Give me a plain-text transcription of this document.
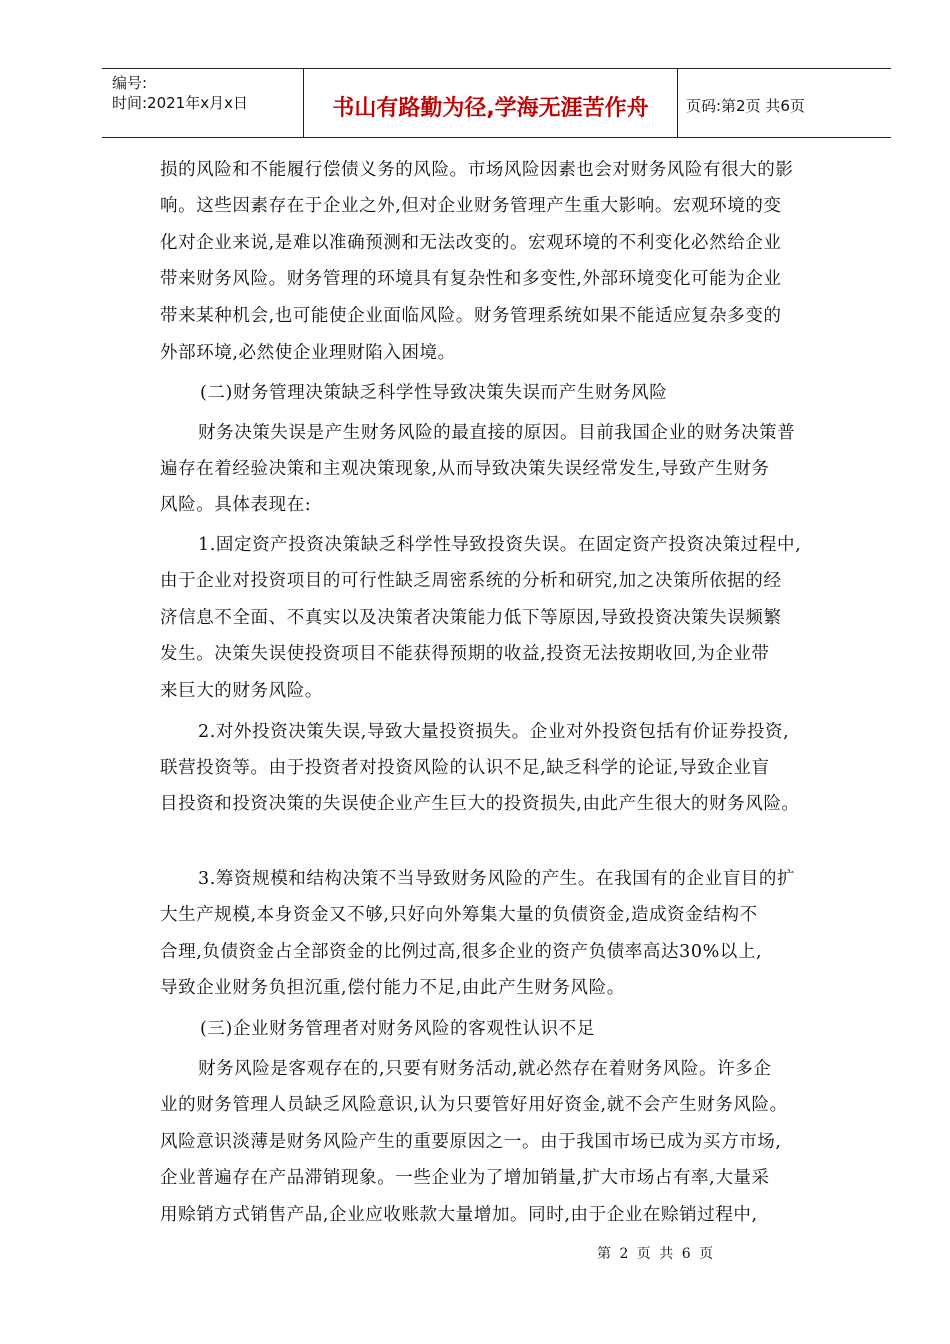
编号:
时间:2021年x月x日	书山有路勤为径,学海无涯苦作舟	页码:第2页 共6页
损的风险和不能履行偿债义务的风险。市场风险因素也会对财务风险有很大的影
响。这些因素存在于企业之外,但对企业财务管理产生重大影响。宏观环境的变
化对企业来说,是难以准确预测和无法改变的。宏观环境的不利变化必然给企业
带来财务风险。财务管理的环境具有复杂性和多变性,外部环境变化可能为企业
带来某种机会,也可能使企业面临风险。财务管理系统如果不能适应复杂多变的
外部环境,必然使企业理财陷入困境。
(二)财务管理决策缺乏科学性导致决策失误而产生财务风险
财务决策失误是产生财务风险的最直接的原因。目前我国企业的财务决策普
遍存在着经验决策和主观决策现象,从而导致决策失误经常发生,导致产生财务
风险。具体表现在:
1.固定资产投资决策缺乏科学性导致投资失误。在固定资产投资决策过程中,
由于企业对投资项目的可行性缺乏周密系统的分析和研究,加之决策所依据的经
济信息不全面、不真实以及决策者决策能力低下等原因,导致投资决策失误频繁
发生。决策失误使投资项目不能获得预期的收益,投资无法按期收回,为企业带
来巨大的财务风险。
2.对外投资决策失误,导致大量投资损失。企业对外投资包括有价证券投资,
联营投资等。由于投资者对投资风险的认识不足,缺乏科学的论证,导致企业盲
目投资和投资决策的失误使企业产生巨大的投资损失,由此产生很大的财务风险。
3.筹资规模和结构决策不当导致财务风险的产生。在我国有的企业盲目的扩
大生产规模,本身资金又不够,只好向外筹集大量的负债资金,造成资金结构不
合理,负债资金占全部资金的比例过高,很多企业的资产负债率高达30%以上,
导致企业财务负担沉重,偿付能力不足,由此产生财务风险。
(三)企业财务管理者对财务风险的客观性认识不足
财务风险是客观存在的,只要有财务活动,就必然存在着财务风险。许多企
业的财务管理人员缺乏风险意识,认为只要管好用好资金,就不会产生财务风险。
风险意识淡薄是财务风险产生的重要原因之一。由于我国市场已成为买方市场,
企业普遍存在产品滞销现象。一些企业为了增加销量,扩大市场占有率,大量采
用赊销方式销售产品,企业应收账款大量增加。同时,由于企业在赊销过程中,
第 2 页 共 6 页
